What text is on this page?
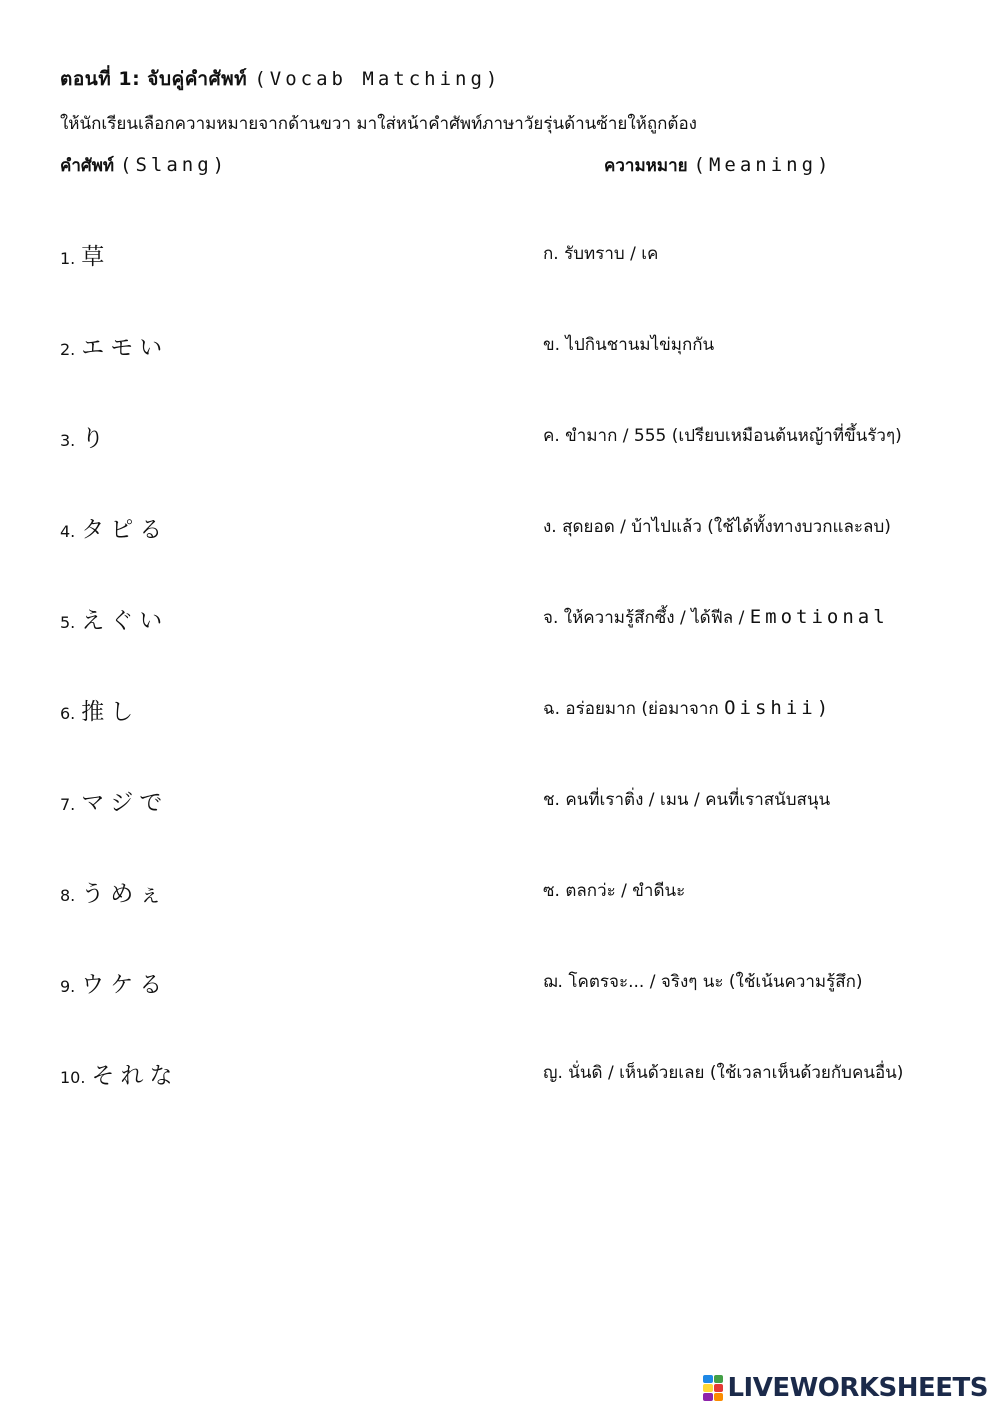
ตอนที่ 1: จับคู่คำศัพท์ (Vocab Matching)
ให้นักเรียนเลือกความหมายจากด้านขวา มาใส่หน้าคำศัพท์ภาษาวัยรุ่นด้านซ้ายให้ถูกต้อง
คำศัพท์ (Slang)	ความหมาย (Meaning)
1. 草	ก. รับทราบ / เค
2. エモい	ข. ไปกินชานมไข่มุกกัน
3. り	ค. ขำมาก / 555 (เปรียบเหมือนต้นหญ้าที่ขึ้นรัวๆ)
4. タピる	ง. สุดยอด / บ้าไปแล้ว (ใช้ได้ทั้งทางบวกและลบ)
5. えぐい	จ. ให้ความรู้สึกซึ้ง / ได้ฟีล / Emotional
6. 推し	ฉ. อร่อยมาก (ย่อมาจาก Oishii)
7. マジで	ช. คนที่เราติ่ง / เมน / คนที่เราสนับสนุน
8. うめぇ	ซ. ตลกว่ะ / ขำดีนะ
9. ウケる	ฌ. โคตรจะ... / จริงๆ นะ (ใช้เน้นความรู้สึก)
10. それな	ญ. นั่นดิ / เห็นด้วยเลย (ใช้เวลาเห็นด้วยกับคนอื่น)
LIVEWORKSHEETS
